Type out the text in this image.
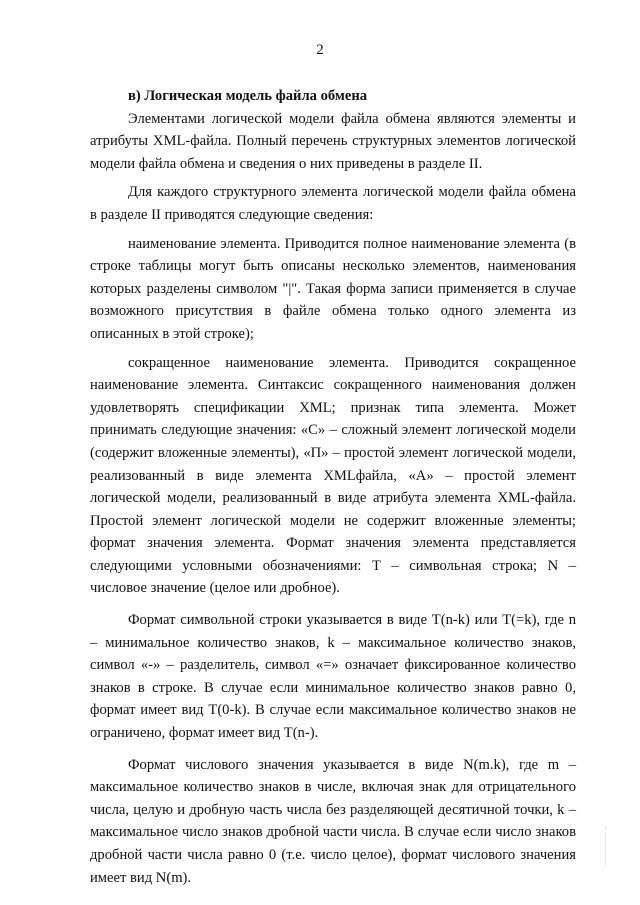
2

в) Логическая модель файла обмена

Элементами логической модели файла обмена являются элементы и атрибуты XML-файла. Полный перечень структурных элементов логической модели файла обмена и сведения о них приведены в разделе II.

Для каждого структурного элемента логической модели файла обмена в разделе II приводятся следующие сведения:

наименование элемента. Приводится полное наименование элемента (в строке таблицы могут быть описаны несколько элементов, наименования которых разделены символом "|". Такая форма записи применяется в случае возможного присутствия в файле обмена только одного элемента из описанных в этой строке);

сокращенное наименование элемента. Приводится сокращенное наименование элемента. Синтаксис сокращенного наименования должен удовлетворять спецификации XML; признак типа элемента. Может принимать следующие значения: «С» – сложный элемент логической модели (содержит вложенные элементы), «П» – простой элемент логической модели, реализованный в виде элемента XMLфайла, «А» – простой элемент логической модели, реализованный в виде атрибута элемента XML-файла. Простой элемент логической модели не содержит вложенные элементы; формат значения элемента. Формат значения элемента представляется следующими условными обозначениями: Т – символьная строка; N – числовое значение (целое или дробное).

Формат символьной строки указывается в виде Т(n-k) или Т(=k), где n – минимальное количество знаков, k – максимальное количество знаков, символ «-» – разделитель, символ «=» означает фиксированное количество знаков в строке. В случае если минимальное количество знаков равно 0, формат имеет вид Т(0-k). В случае если максимальное количество знаков не ограничено, формат имеет вид Т(n-).

Формат числового значения указывается в виде N(m.k), где m – максимальное количество знаков в числе, включая знак для отрицательного числа, целую и дробную часть числа без разделяющей десятичной точки, k – максимальное число знаков дробной части числа. В случае если число знаков дробной части числа равно 0 (т.е. число целое), формат числового значения имеет вид N(m).
